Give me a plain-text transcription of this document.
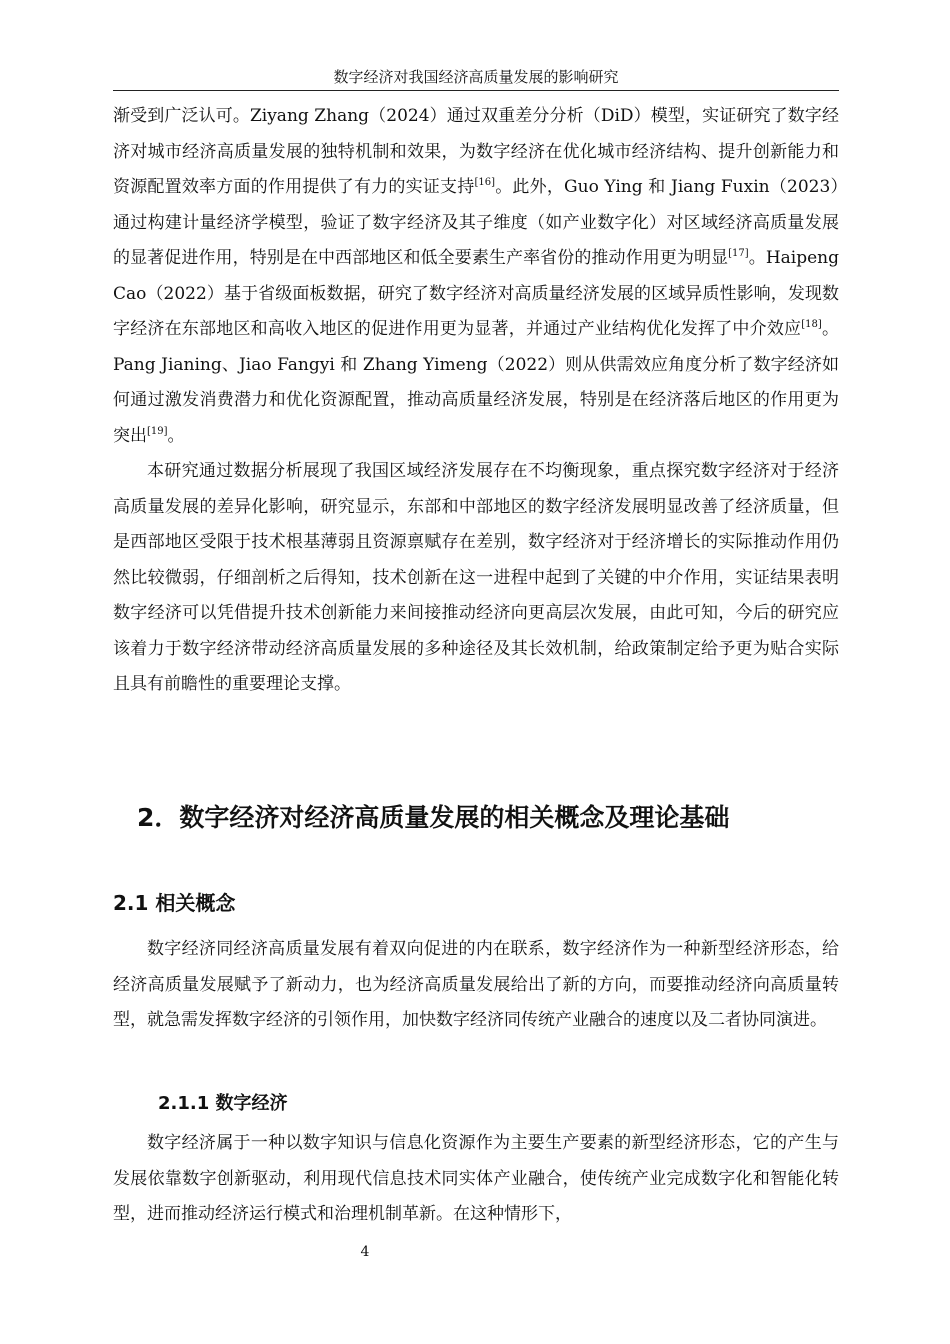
数字经济对我国经济高质量发展的影响研究

渐受到广泛认可。Ziyang Zhang（2024）通过双重差分分析（DiD）模型，实证研究了数字经济对城市经济高质量发展的独特机制和效果，为数字经济在优化城市经济结构、提升创新能力和资源配置效率方面的作用提供了有力的实证支持[16]。此外，Guo Ying 和 Jiang Fuxin（2023）通过构建计量经济学模型，验证了数字经济及其子维度（如产业数字化）对区域经济高质量发展的显著促进作用，特别是在中西部地区和低全要素生产率省份的推动作用更为明显[17]。Haipeng Cao（2022）基于省级面板数据，研究了数字经济对高质量经济发展的区域异质性影响，发现数字经济在东部地区和高收入地区的促进作用更为显著，并通过产业结构优化发挥了中介效应[18]。Pang Jianing、Jiao Fangyi 和 Zhang Yimeng（2022）则从供需效应角度分析了数字经济如何通过激发消费潜力和优化资源配置，推动高质量经济发展，特别是在经济落后地区的作用更为突出[19]。

本研究通过数据分析展现了我国区域经济发展存在不均衡现象，重点探究数字经济对于经济高质量发展的差异化影响，研究显示，东部和中部地区的数字经济发展明显改善了经济质量，但是西部地区受限于技术根基薄弱且资源禀赋存在差别，数字经济对于经济增长的实际推动作用仍然比较微弱，仔细剖析之后得知，技术创新在这一进程中起到了关键的中介作用，实证结果表明数字经济可以凭借提升技术创新能力来间接推动经济向更高层次发展，由此可知，今后的研究应该着力于数字经济带动经济高质量发展的多种途径及其长效机制，给政策制定给予更为贴合实际且具有前瞻性的重要理论支撑。

2．数字经济对经济高质量发展的相关概念及理论基础
2.1 相关概念

数字经济同经济高质量发展有着双向促进的内在联系，数字经济作为一种新型经济形态，给经济高质量发展赋予了新动力，也为经济高质量发展给出了新的方向，而要推动经济向高质量转型，就急需发挥数字经济的引领作用，加快数字经济同传统产业融合的速度以及二者协同演进。

2.1.1 数字经济

数字经济属于一种以数字知识与信息化资源作为主要生产要素的新型经济形态，它的产生与发展依靠数字创新驱动，利用现代信息技术同实体产业融合，使传统产业完成数字化和智能化转型，进而推动经济运行模式和治理机制革新。在这种情形下，

4
